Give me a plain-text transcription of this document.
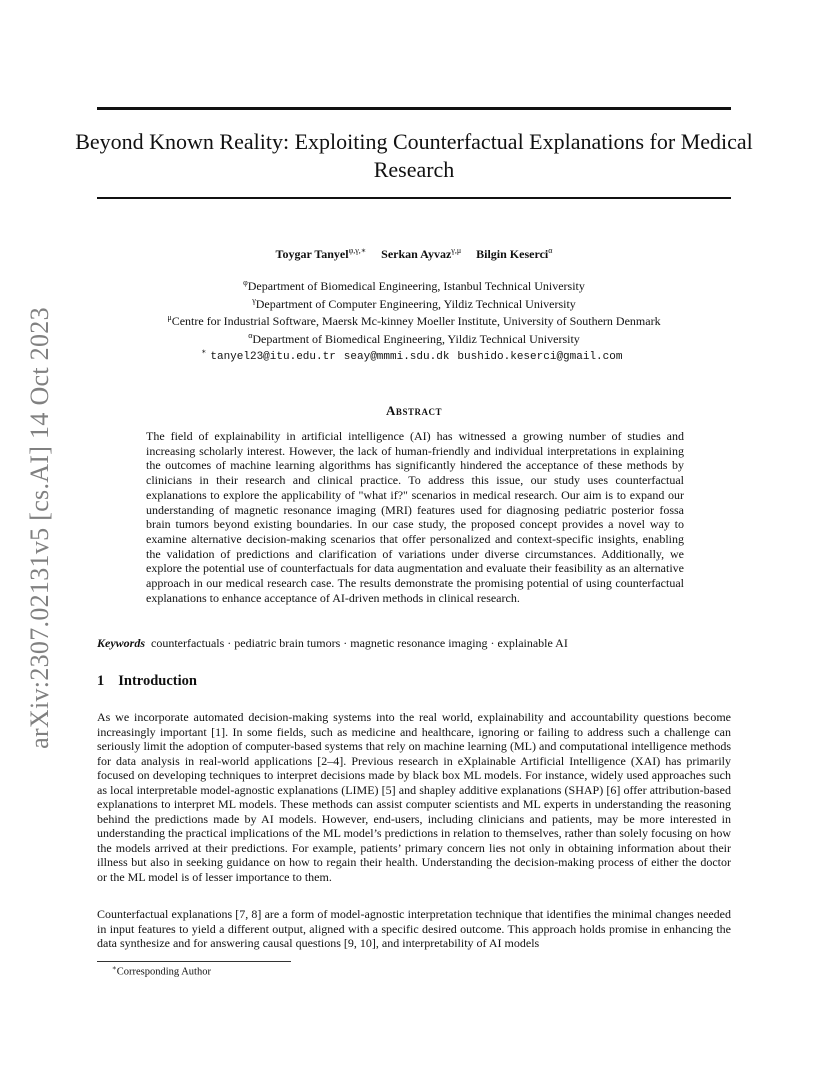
arXiv:2307.02131v5 [cs.AI] 14 Oct 2023
Beyond Known Reality: Exploiting Counterfactual Explanations for Medical Research
Toygar Tanyel$^{\varphi,\gamma,∗}$ Serkan Ayvaz$^{\gamma,\mu}$ Bilgin Keserci$^\alpha$
$^\varphi$Department of Biomedical Engineering, Istanbul Technical University
$^\gamma$Department of Computer Engineering, Yildiz Technical University
$^\mu$Centre for Industrial Software, Maersk Mc-kinney Moeller Institute, University of Southern Denmark
$^\alpha$Department of Biomedical Engineering, Yildiz Technical University
∗ tanyel23@itu.edu.tr seay@mmmi.sdu.dk bushido.keserci@gmail.com
Abstract

The field of explainability in artificial intelligence (AI) has witnessed a growing number of studies and increasing scholarly interest. However, the lack of human-friendly and individual interpretations in explaining the outcomes of machine learning algorithms has significantly hindered the acceptance of these methods by clinicians in their research and clinical practice. To address this issue, our study uses counterfactual explanations to explore the applicability of "what if?" scenarios in medical research. Our aim is to expand our understanding of magnetic resonance imaging (MRI) features used for diagnosing pediatric posterior fossa brain tumors beyond existing boundaries. In our case study, the proposed concept provides a novel way to examine alternative decision-making scenarios that offer personalized and context-specific insights, enabling the validation of predictions and clarification of variations under diverse circumstances. Additionally, we explore the potential use of counterfactuals for data augmentation and evaluate their feasibility as an alternative approach in our medical research case. The results demonstrate the promising potential of using counterfactual explanations to enhance acceptance of AI-driven methods in clinical research.

Keywords counterfactuals · pediatric brain tumors · magnetic resonance imaging · explainable AI

1 Introduction

As we incorporate automated decision-making systems into the real world, explainability and accountability questions become increasingly important [1]. In some fields, such as medicine and healthcare, ignoring or failing to address such a challenge can seriously limit the adoption of computer-based systems that rely on machine learning (ML) and computational intelligence methods for data analysis in real-world applications [2–4]. Previous research in eXplainable Artificial Intelligence (XAI) has primarily focused on developing techniques to interpret decisions made by black box ML models. For instance, widely used approaches such as local interpretable model-agnostic explanations (LIME) [5] and shapley additive explanations (SHAP) [6] offer attribution-based explanations to interpret ML models. These methods can assist computer scientists and ML experts in understanding the reasoning behind the predictions made by AI models. However, end-users, including clinicians and patients, may be more interested in understanding the practical implications of the ML model’s predictions in relation to themselves, rather than solely focusing on how the models arrived at their predictions. For example, patients’ primary concern lies not only in obtaining information about their illness but also in seeking guidance on how to regain their health. Understanding the decision-making process of either the doctor or the ML model is of lesser importance to them.

Counterfactual explanations [7, 8] are a form of model-agnostic interpretation technique that identifies the minimal changes needed in input features to yield a different output, aligned with a specific desired outcome. This approach holds promise in enhancing the data synthesize and for answering causal questions [9, 10], and interpretability of AI models

∗Corresponding Author
